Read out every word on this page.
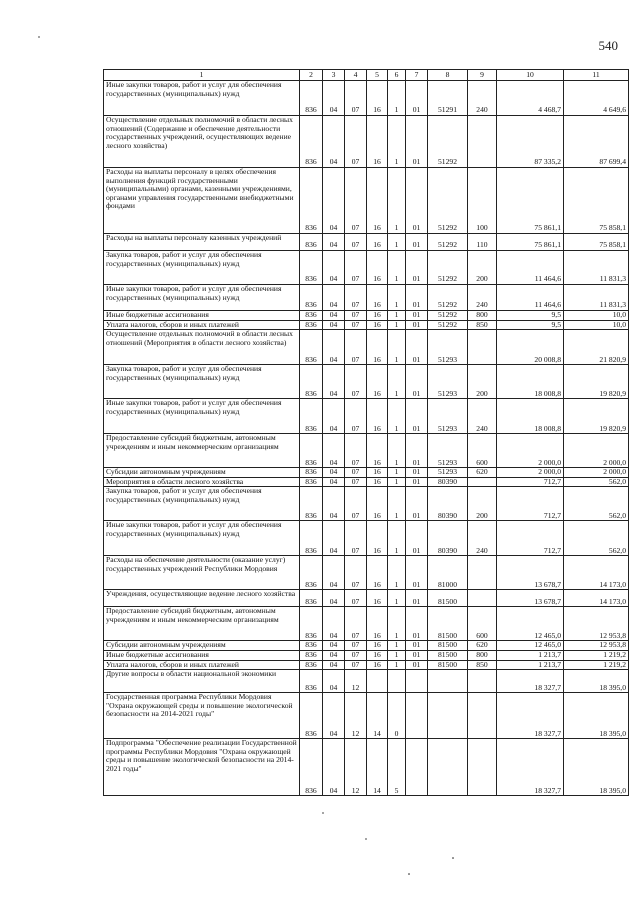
540
1	2	3	4	5	6	7	8	9	10	11
Иные закупки товаров, работ и услуг для обеспечения государственных (муниципальных) нужд	836	04	07	16	1	01	51291	240	4 468,7	4 649,6
Осуществление отдельных полномочий в области лесных отношений (Содержание и обеспечение деятельности государственных учреждений, осуществляющих ведение лесного хозяйства)	836	04	07	16	1	01	51292		87 335,2	87 699,4
Расходы на выплаты персоналу в целях обеспечения выполнения функций государственными (муниципальными) органами, казенными учреждениями, органами управления государственными внебюджетными фондами	836	04	07	16	1	01	51292	100	75 861,1	75 858,1
Расходы на выплаты персоналу казенных учреждений	836	04	07	16	1	01	51292	110	75 861,1	75 858,1
Закупка товаров, работ и услуг для обеспечения государственных (муниципальных) нужд	836	04	07	16	1	01	51292	200	11 464,6	11 831,3
Иные закупки товаров, работ и услуг для обеспечения государственных (муниципальных) нужд	836	04	07	16	1	01	51292	240	11 464,6	11 831,3
Иные бюджетные ассигнования	836	04	07	16	1	01	51292	800	9,5	10,0
Уплата налогов, сборов и иных платежей	836	04	07	16	1	01	51292	850	9,5	10,0
Осуществление отдельных полномочий в области лесных отношений (Мероприятия в области лесного хозяйства)	836	04	07	16	1	01	51293		20 008,8	21 820,9
Закупка товаров, работ и услуг для обеспечения государственных (муниципальных) нужд	836	04	07	16	1	01	51293	200	18 008,8	19 820,9
Иные закупки товаров, работ и услуг для обеспечения государственных (муниципальных) нужд	836	04	07	16	1	01	51293	240	18 008,8	19 820,9
Предоставление субсидий бюджетным, автономным учреждениям и иным некоммерческим организациям	836	04	07	16	1	01	51293	600	2 000,0	2 000,0
Субсидии автономным учреждениям	836	04	07	16	1	01	51293	620	2 000,0	2 000,0
Мероприятия в области лесного хозяйства	836	04	07	16	1	01	80390		712,7	562,0
Закупка товаров, работ и услуг для обеспечения государственных (муниципальных) нужд	836	04	07	16	1	01	80390	200	712,7	562,0
Иные закупки товаров, работ и услуг для обеспечения государственных (муниципальных) нужд	836	04	07	16	1	01	80390	240	712,7	562,0
Расходы на обеспечение деятельности (оказание услуг) государственных учреждений Республики Мордовия	836	04	07	16	1	01	81000		13 678,7	14 173,0
Учреждения, осуществляющие ведение лесного хозяйства	836	04	07	16	1	01	81500		13 678,7	14 173,0
Предоставление субсидий бюджетным, автономным учреждениям и иным некоммерческим организациям	836	04	07	16	1	01	81500	600	12 465,0	12 953,8
Субсидии автономным учреждениям	836	04	07	16	1	01	81500	620	12 465,0	12 953,8
Иные бюджетные ассигнования	836	04	07	16	1	01	81500	800	1 213,7	1 219,2
Уплата налогов, сборов и иных платежей	836	04	07	16	1	01	81500	850	1 213,7	1 219,2
Другие вопросы в области национальной экономики	836	04	12						18 327,7	18 395,0
Государственная программа Республики Мордовия "Охрана окружающей среды и повышение экологической безопасности на 2014-2021 годы"	836	04	12	14	0				18 327,7	18 395,0
Подпрограмма "Обеспечение реализации Государственной программы Республики Мордовия "Охрана окружающей среды и повышение экологической безопасности на 2014-2021 годы"	836	04	12	14	5				18 327,7	18 395,0
